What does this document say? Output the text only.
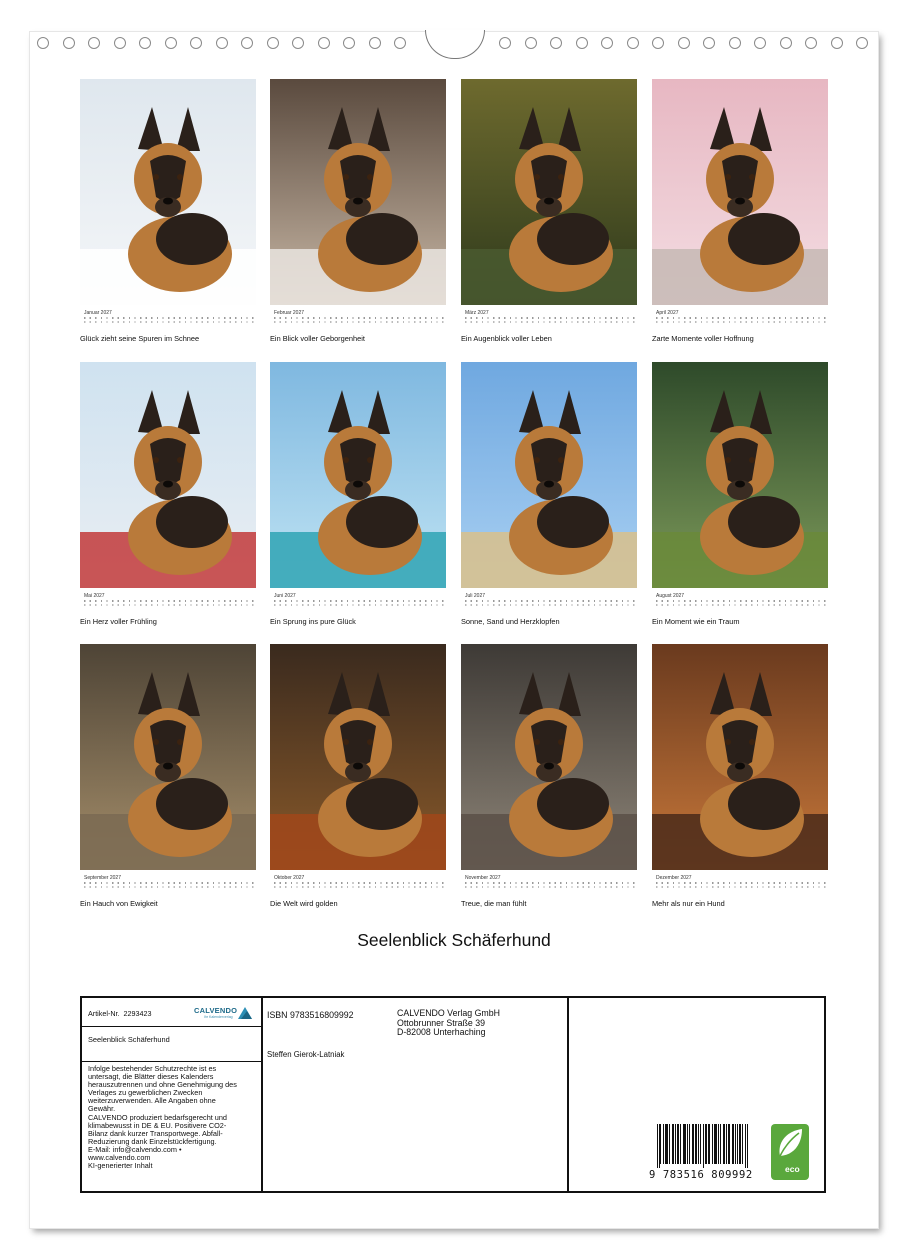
Januar 2027
Glück zieht seine Spuren im Schnee
Februar 2027
Ein Blick voller Geborgenheit
März 2027
Ein Augenblick voller Leben
April 2027
Zarte Momente voller Hoffnung
Mai 2027
Ein Herz voller Frühling
Juni 2027
Ein Sprung ins pure Glück
Juli 2027
Sonne, Sand und Herzklopfen
August 2027
Ein Moment wie ein Traum
September 2027
Ein Hauch von Ewigkeit
Oktober 2027
Die Welt wird golden
November 2027
Treue, die man fühlt
Dezember 2027
Mehr als nur ein Hund
Seelenblick Schäferhund
Artikel-Nr. 2293423	CALVENDO
Ihr Kalenderverlag
Seelenblick Schäferhund
Infolge bestehender Schutzrechte ist es
untersagt, die Blätter dieses Kalenders
herauszutrennen und ohne Genehmigung des
Verlages zu gewerblichen Zwecken
weiterzuverwenden. Alle Angaben ohne
Gewähr.
CALVENDO produziert bedarfsgerecht und
klimabewusst in DE & EU. Positivere CO2-
Bilanz dank kurzer Transportwege. Abfall-
Reduzierung dank Einzelstückfertigung.
E-Mail: info@calvendo.com •
www.calvendo.com
KI-generierter Inhalt
ISBN 9783516809992	CALVENDO Verlag GmbH
Ottobrunner Straße 39
D-82008 Unterhaching
Steffen Gierok-Latniak
9 783516 809992	eco
